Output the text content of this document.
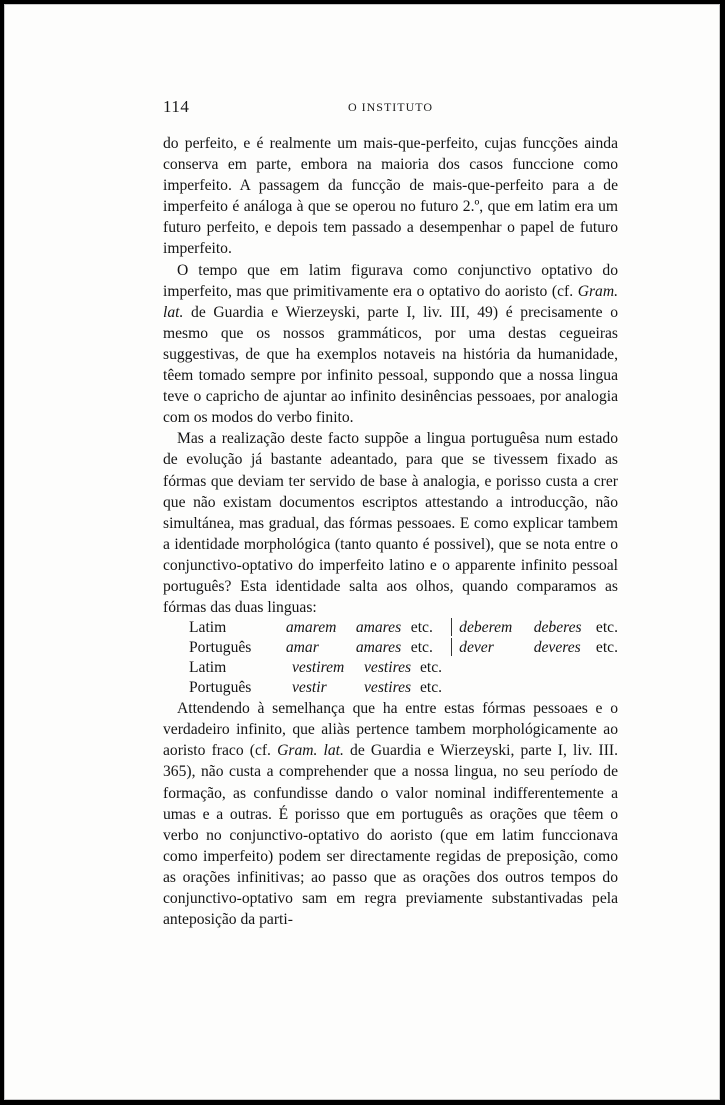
114	O INSTITUTO

do perfeito, e é realmente um mais-que-perfeito, cujas funcções ainda conserva em parte, embora na maioria dos casos funccione como imperfeito. A passagem da funcção de mais-que-perfeito para a de imperfeito é análoga à que se operou no futuro 2.º, que em latim era um futuro perfeito, e depois tem passado a desempenhar o papel de futuro imperfeito.

O tempo que em latim figurava como conjunctivo optativo do imperfeito, mas que primitivamente era o optativo do aoristo (cf. Gram. lat. de Guardia e Wierzeyski, parte I, liv. III, 49) é precisamente o mesmo que os nossos grammáticos, por uma destas cegueiras suggestivas, de que ha exemplos notaveis na história da humanidade, têem tomado sempre por infinito pessoal, suppondo que a nossa lingua teve o capricho de ajuntar ao infinito desinências pessoaes, por analogia com os modos do verbo finito.

Mas a realização deste facto suppõe a lingua portuguêsa num estado de evolução já bastante adeantado, para que se tivessem fixado as fórmas que deviam ter servido de base à analogia, e porisso custa a crer que não existam documentos escriptos attestando a introducção, não simultánea, mas gradual, das fórmas pessoaes. E como explicar tambem a identidade morphológica (tanto quanto é possivel), que se nota entre o conjunctivo-optativo do imperfeito latino e o apparente infinito pessoal português? Esta identidade salta aos olhos, quando comparamos as fórmas das duas linguas:

Latim	amarem	amares	etc.		deberem	deberes	etc.
Português	amar	amares	etc.		dever	deveres	etc.
Latim	vestirem	vestires	etc.
Português	vestir	vestires	etc.

Attendendo à semelhança que ha entre estas fórmas pessoaes e o verdadeiro infinito, que aliàs pertence tambem morphológicamente ao aoristo fraco (cf. Gram. lat. de Guardia e Wierzeyski, parte I, liv. III. 365), não custa a comprehender que a nossa lingua, no seu período de formação, as confundisse dando o valor nominal indifferentemente a umas e a outras. É porisso que em português as orações que têem o verbo no conjunctivo-optativo do aoristo (que em latim funccionava como imperfeito) podem ser directamente regidas de preposição, como as orações infinitivas; ao passo que as orações dos outros tempos do conjunctivo-optativo sam em regra previamente substantivadas pela anteposição da parti-
